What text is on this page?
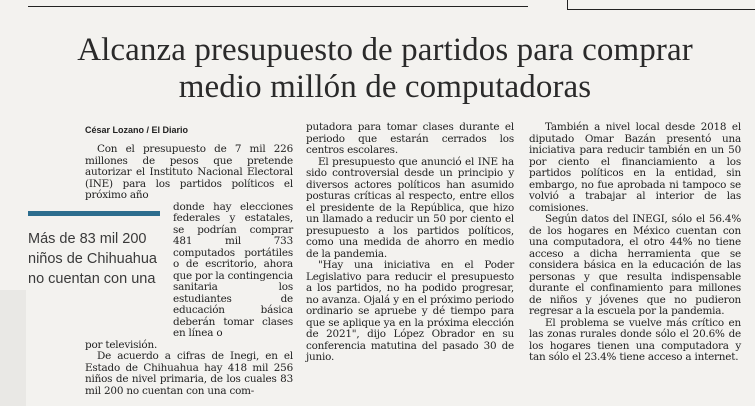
Alcanza presupuesto de partidos para comprar medio millón de computadoras
César Lozano / El Diario

Con el presupuesto de 7 mil 226 millones de pesos que pretende autorizar el Instituto Nacional Electoral (INE) para los partidos políticos el próximo año

donde hay elecciones federales y estatales, se podrían comprar 481 mil 733 computados portátiles o de escritorio, ahora que por la contingencia sanitaria los estudiantes de educación básica deberán tomar clases en línea o

por televisión.

De acuerdo a cifras de Inegi, en el Estado de Chihuahua hay 418 mil 256 niños de nivel primaria, de los cuales 83 mil 200 no cuentan con una com-

Más de 83 mil 200 niños de Chihuahua no cuentan con una

putadora para tomar clases durante el periodo que estarán cerrados los centros escolares.

El presupuesto que anunció el INE ha sido controversial desde un principio y diversos actores políticos han asumido posturas críticas al respecto, entre ellos el presidente de la República, que hizo un llamado a reducir un 50 por ciento el presupuesto a los partidos políticos, como una medida de ahorro en medio de la pandemia.

"Hay una iniciativa en el Poder Legislativo para reducir el presupuesto a los partidos, no ha podido progresar, no avanza. Ojalá y en el próximo periodo ordinario se apruebe y dé tiempo para que se aplique ya en la próxima elección de 2021", dijo López Obrador en su conferencia matutina del pasado 30 de junio.

También a nivel local desde 2018 el diputado Omar Bazán presentó una iniciativa para reducir también en un 50 por ciento el financiamiento a los partidos políticos en la entidad, sin embargo, no fue aprobada ni tampoco se volvió a trabajar al interior de las comisiones.

Según datos del INEGI, sólo el 56.4% de los hogares en México cuentan con una computadora, el otro 44% no tiene acceso a dicha herramienta que se considera básica en la educación de las personas y que resulta indispensable durante el confinamiento para millones de niños y jóvenes que no pudieron regresar a la escuela por la pandemia.

El problema se vuelve más crítico en las zonas rurales donde sólo el 20.6% de los hogares tienen una computadora y tan sólo el 23.4% tiene acceso a internet.
